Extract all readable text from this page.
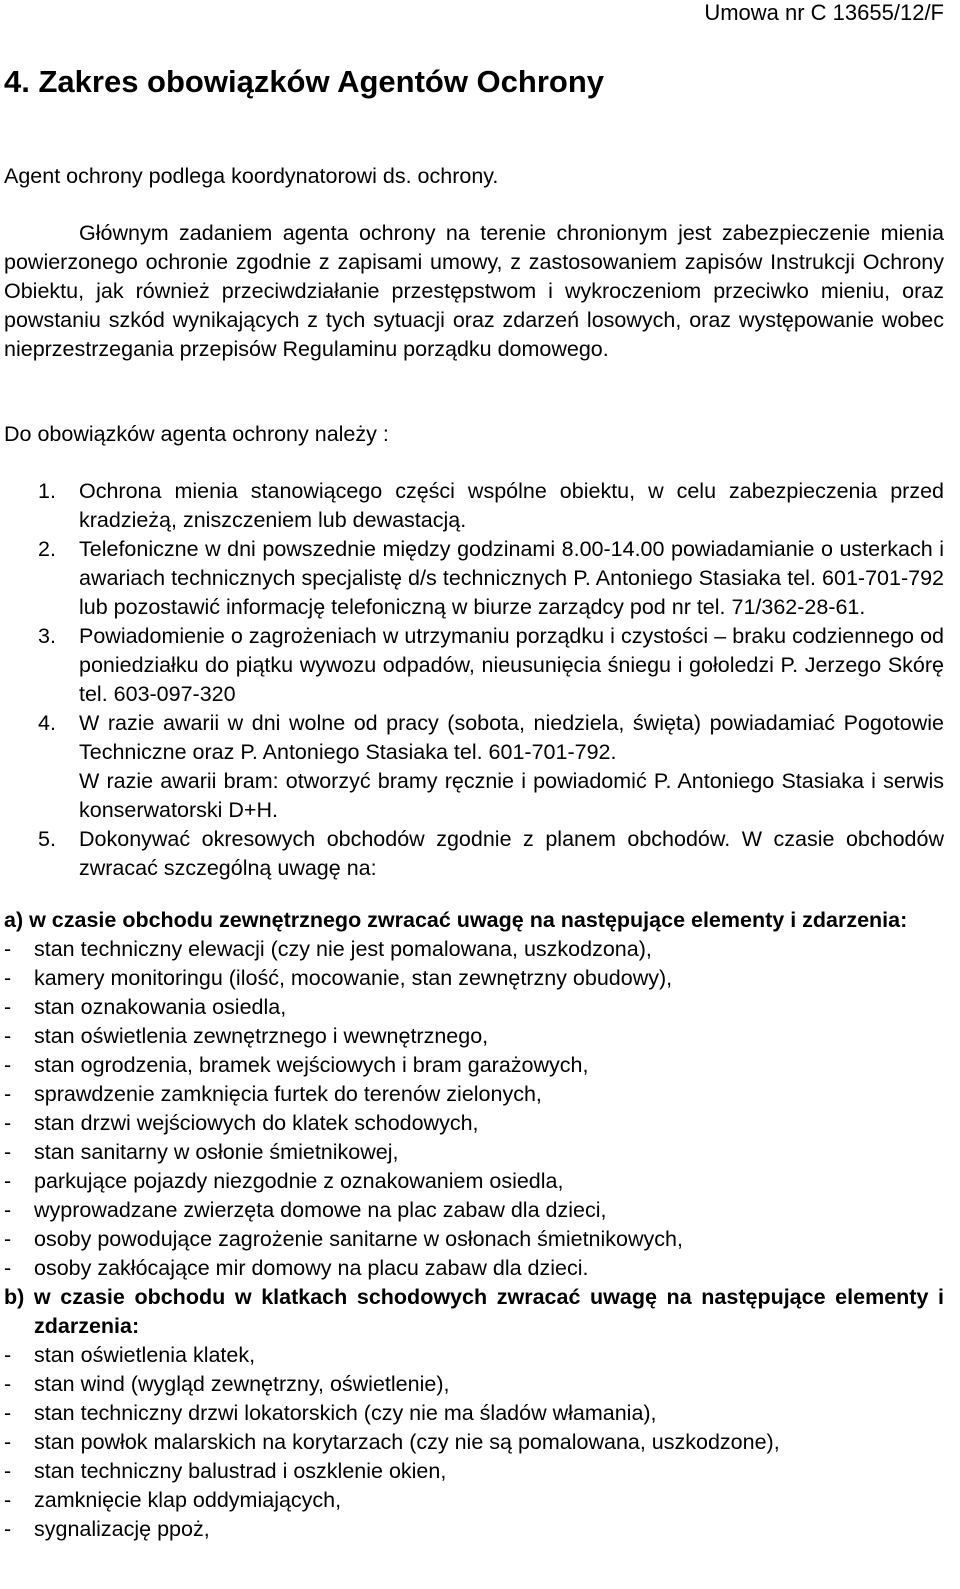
Umowa nr C 13655/12/F
4. Zakres obowiązków Agentów Ochrony

Agent ochrony podlega koordynatorowi ds. ochrony.

Głównym zadaniem agenta ochrony na terenie chronionym jest zabezpieczenie mienia powierzonego ochronie zgodnie z zapisami umowy, z zastosowaniem zapisów Instrukcji Ochrony Obiektu, jak również przeciwdziałanie przestępstwom i wykroczeniom przeciwko mieniu, oraz powstaniu szkód wynikających z tych sytuacji oraz zdarzeń losowych, oraz występowanie wobec nieprzestrzegania przepisów Regulaminu porządku domowego.

Do obowiązków agenta ochrony należy :

1. Ochrona mienia stanowiącego części wspólne obiektu, w celu zabezpieczenia przed kradzieżą, zniszczeniem lub dewastacją.
2. Telefoniczne w dni powszednie między godzinami 8.00-14.00 powiadamianie o usterkach i awariach technicznych specjalistę d/s technicznych P. Antoniego Stasiaka tel. 601-701-792 lub pozostawić informację telefoniczną w biurze zarządcy pod nr tel. 71/362-28-61.
3. Powiadomienie o zagrożeniach w utrzymaniu porządku i czystości – braku codziennego od poniedziałku do piątku wywozu odpadów, nieusunięcia śniegu i gołoledzi P. Jerzego Skórę tel. 603-097-320
4. W razie awarii w dni wolne od pracy (sobota, niedziela, święta) powiadamiać Pogotowie Techniczne oraz P. Antoniego Stasiaka tel. 601-701-792.
W razie awarii bram: otworzyć bramy ręcznie i powiadomić P. Antoniego Stasiaka i serwis konserwatorski D+H.
5. Dokonywać okresowych obchodów zgodnie z planem obchodów. W czasie obchodów zwracać szczególną uwagę na:

a) w czasie obchodu zewnętrznego zwracać uwagę na następujące elementy i zdarzenia:

- stan techniczny elewacji (czy nie jest pomalowana, uszkodzona),
- kamery monitoringu (ilość, mocowanie, stan zewnętrzny obudowy),
- stan oznakowania osiedla,
- stan oświetlenia zewnętrznego i wewnętrznego,
- stan ogrodzenia, bramek wejściowych i bram garażowych,
- sprawdzenie zamknięcia furtek do terenów zielonych,
- stan drzwi wejściowych do klatek schodowych,
- stan sanitarny w osłonie śmietnikowej,
- parkujące pojazdy niezgodnie z oznakowaniem osiedla,
- wyprowadzane zwierzęta domowe na plac zabaw dla dzieci,
- osoby powodujące zagrożenie sanitarne w osłonach śmietnikowych,
- osoby zakłócające mir domowy na placu zabaw dla dzieci.

b) w czasie obchodu w klatkach schodowych zwracać uwagę na następujące elementy i zdarzenia:

- stan oświetlenia klatek,
- stan wind (wygląd zewnętrzny, oświetlenie),
- stan techniczny drzwi lokatorskich (czy nie ma śladów włamania),
- stan powłok malarskich na korytarzach (czy nie są pomalowana, uszkodzone),
- stan techniczny balustrad i oszklenie okien,
- zamknięcie klap oddymiających,
- sygnalizację ppoż,
